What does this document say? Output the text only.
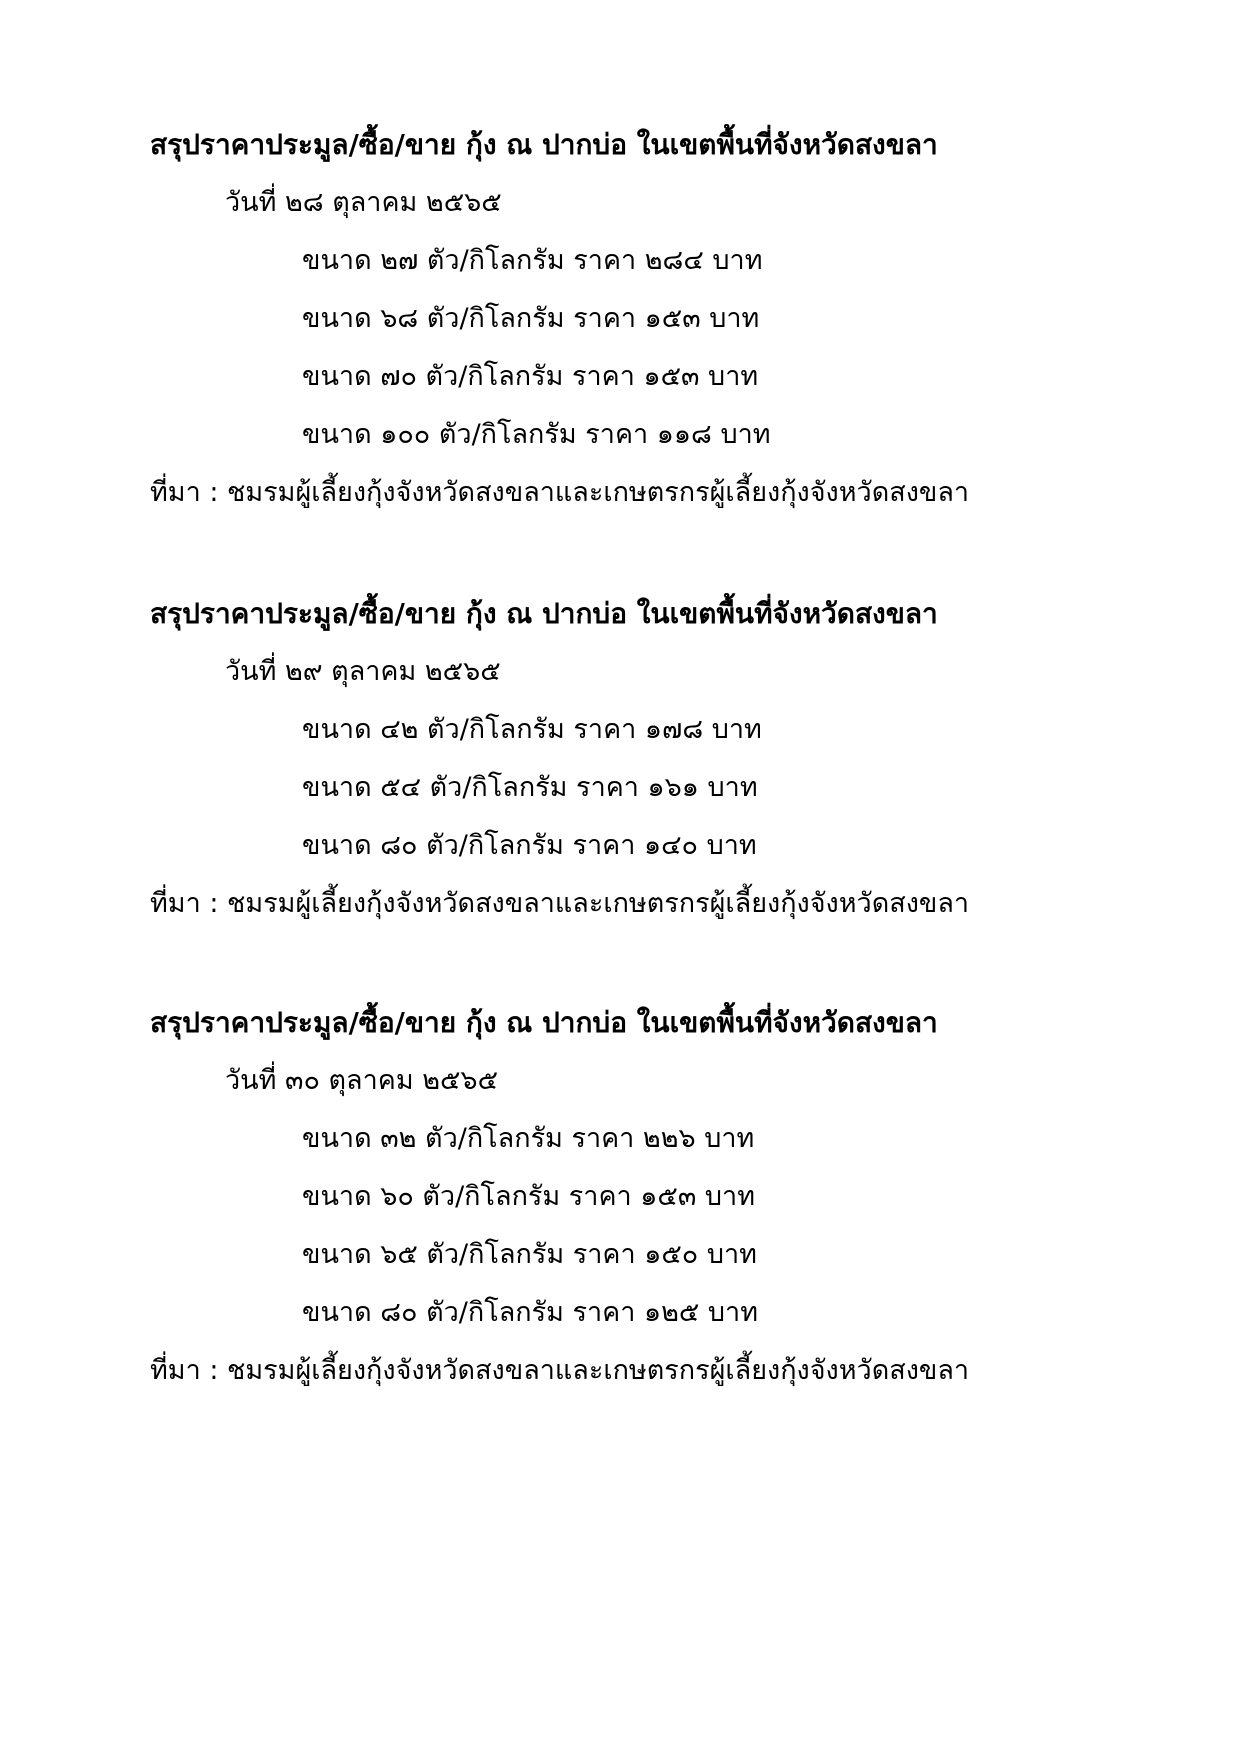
สรุปราคาประมูล/ซื้อ/ขาย กุ้ง ณ ปากบ่อ ในเขตพื้นที่จังหวัดสงขลา
วันที่ ๒๘ ตุลาคม ๒๕๖๕
ขนาด ๒๗ ตัว/กิโลกรัม ราคา ๒๘๔ บาท
ขนาด ๖๘ ตัว/กิโลกรัม ราคา ๑๕๓ บาท
ขนาด ๗๐ ตัว/กิโลกรัม ราคา ๑๕๓ บาท
ขนาด ๑๐๐ ตัว/กิโลกรัม ราคา ๑๑๘ บาท
ที่มา : ชมรมผู้เลี้ยงกุ้งจังหวัดสงขลาและเกษตรกรผู้เลี้ยงกุ้งจังหวัดสงขลา
สรุปราคาประมูล/ซื้อ/ขาย กุ้ง ณ ปากบ่อ ในเขตพื้นที่จังหวัดสงขลา
วันที่ ๒๙ ตุลาคม ๒๕๖๕
ขนาด ๔๒ ตัว/กิโลกรัม ราคา ๑๗๘ บาท
ขนาด ๕๔ ตัว/กิโลกรัม ราคา ๑๖๑ บาท
ขนาด ๘๐ ตัว/กิโลกรัม ราคา ๑๔๐ บาท
ที่มา : ชมรมผู้เลี้ยงกุ้งจังหวัดสงขลาและเกษตรกรผู้เลี้ยงกุ้งจังหวัดสงขลา
สรุปราคาประมูล/ซื้อ/ขาย กุ้ง ณ ปากบ่อ ในเขตพื้นที่จังหวัดสงขลา
วันที่ ๓๐ ตุลาคม ๒๕๖๕
ขนาด ๓๒ ตัว/กิโลกรัม ราคา ๒๒๖ บาท
ขนาด ๖๐ ตัว/กิโลกรัม ราคา ๑๕๓ บาท
ขนาด ๖๕ ตัว/กิโลกรัม ราคา ๑๕๐ บาท
ขนาด ๘๐ ตัว/กิโลกรัม ราคา ๑๒๕ บาท
ที่มา : ชมรมผู้เลี้ยงกุ้งจังหวัดสงขลาและเกษตรกรผู้เลี้ยงกุ้งจังหวัดสงขลา
